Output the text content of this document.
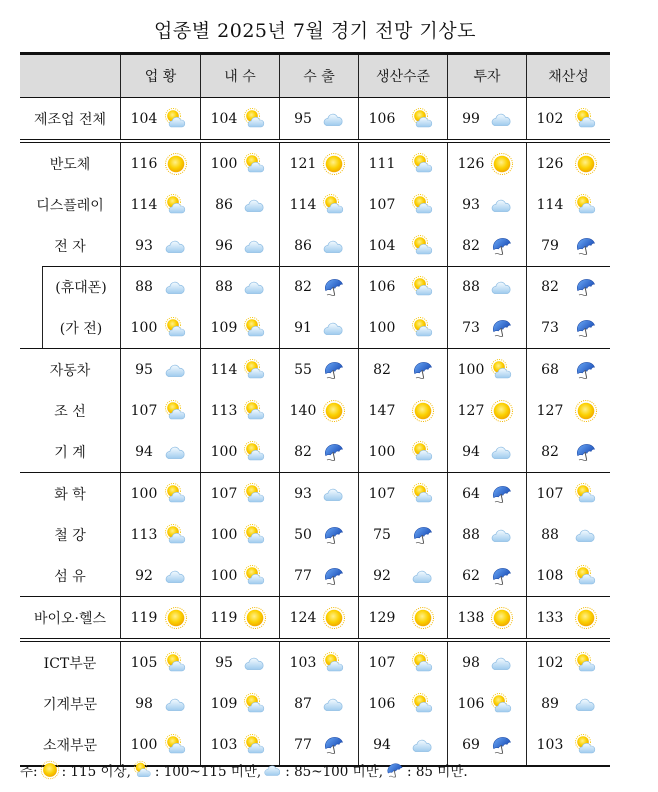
업종별 2025년 7월 경기 전망 기상도
업 황	내 수	수 출	생산수준	투자	채산성
제조업 전체	104	104	95	106	99	102
반도체	116	100	121	111	126	126
디스플레이	114	86	114	107	93	114
전 자	93	96	86	104	82	79
(휴대폰)	88	88	82	106	88	82
(가 전)	100	109	91	100	73	73
자동차	95	114	55	82	100	68
조 선	107	113	140	147	127	127
기 계	94	100	82	100	94	82
화 학	100	107	93	107	64	107
철 강	113	100	50	75	88	88
섬 유	92	100	77	92	62	108
바이오·헬스	119	119	124	129	138	133
ICT부문	105	95	103	107	98	102
기계부문	98	109	87	106	106	89
소재부문	100	103	77	94	69	103
주: : 115 이상, : 100~115 미만, : 85~100 미만, : 85 미만.
